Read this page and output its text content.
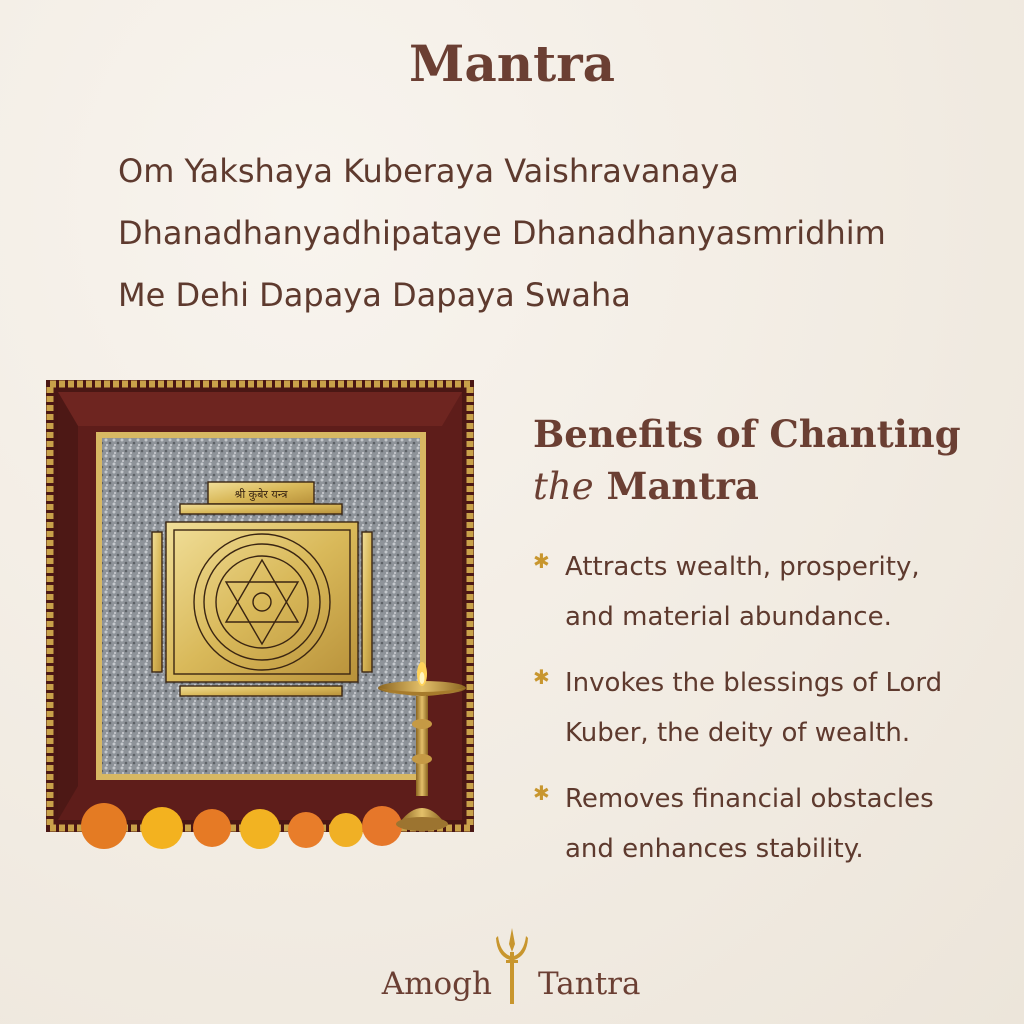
Mantra
Om Yakshaya Kuberaya Vaishravanaya
Dhanadhanyadhipataye Dhanadhanyasmridhim
Me Dehi Dapaya Dapaya Swaha
श्री कुबेर यन्त्र
Benefits of Chanting
the Mantra
✱ Attracts wealth, prosperity,
and material abundance.
✱ Invokes the blessings of Lord
Kuber, the deity of wealth.
✱ Removes financial obstacles
and enhances stability.
Amogh Tantra
